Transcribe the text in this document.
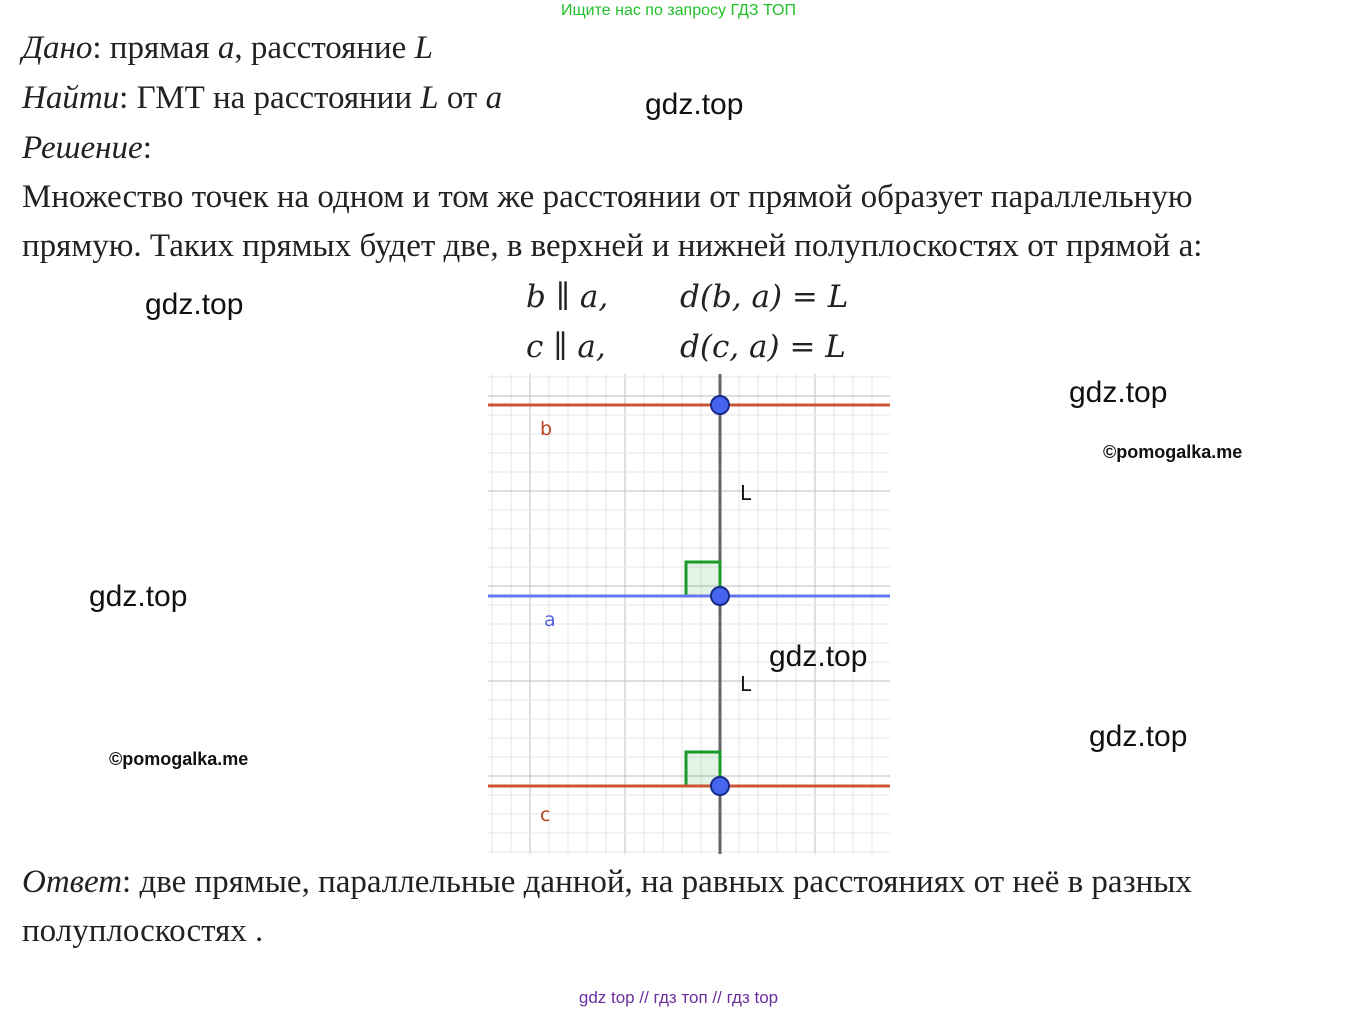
Ищите нас по запросу ГДЗ ТОП
Дано: прямая a, расстояние L
Найти: ГМТ на расстоянии L от a
Решение:
Множество точек на одном и том же расстоянии от прямой образует параллельную
прямую. Таких прямых будет две, в верхней и нижней полуплоскостях от прямой а:
b ∥ a, d(b, a) = L
c ∥ a, d(c, a) = L
b
a
c
L
L
Ответ: две прямые, параллельные данной, на равных расстояниях от неё в разных
полуплоскостях .
gdz.top
gdz.top
gdz.top
gdz.top
gdz.top
gdz.top
©pomogalka.me
©pomogalka.me
gdz top // гдз топ // гдз top
